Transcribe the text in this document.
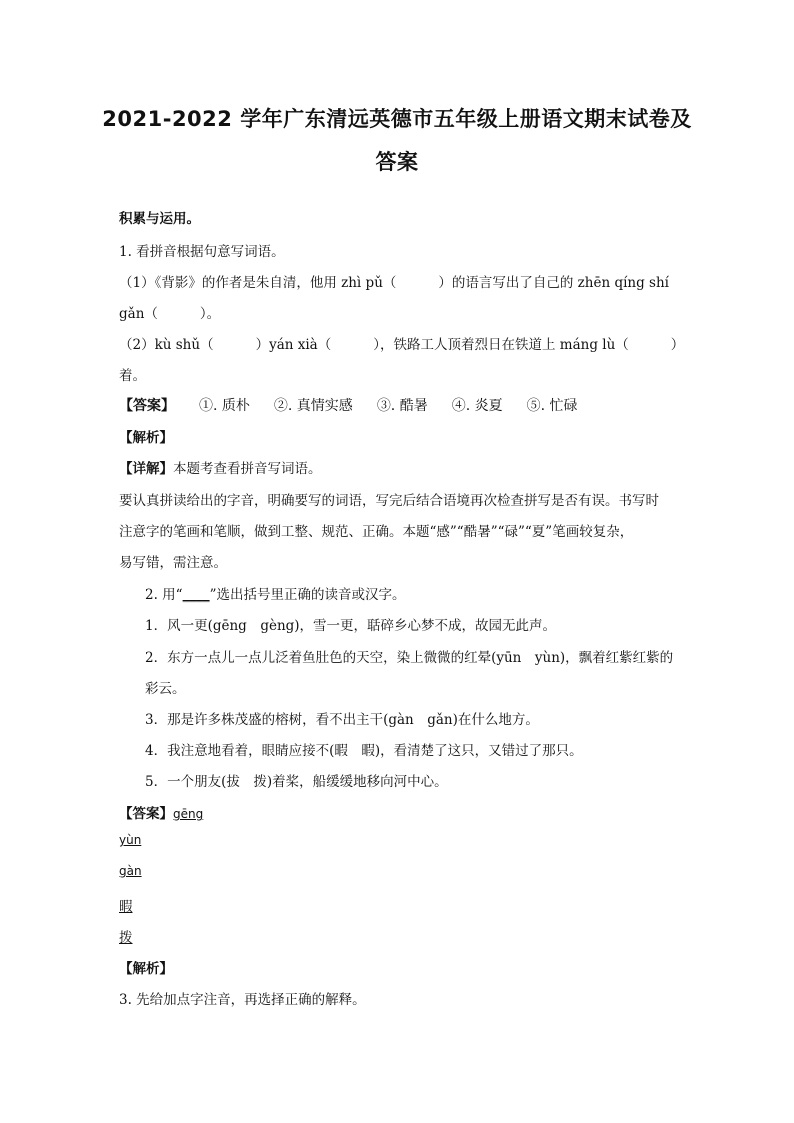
2021-2022 学年广东清远英德市五年级上册语文期末试卷及
答案
积累与运用。
1. 看拼音根据句意写词语。
（1）《背影》的作者是朱自清，他用 zhì pǔ（	）的语言写出了自己的 zhēn qíng shí
gǎn（	）。
（2）kù shǔ（	）yán xià（	），铁路工人顶着烈日在铁道上 máng lù（	）
着。
【答案】 ①. 质朴 ②. 真情实感 ③. 酷暑 ④. 炎夏 ⑤. 忙碌
【解析】
【详解】本题考查看拼音写词语。
要认真拼读给出的字音，明确要写的词语，写完后结合语境再次检查拼写是否有误。书写时
注意字的笔画和笔顺，做到工整、规范、正确。本题“感”“酷暑”“碌”“夏”笔画较复杂，
易写错，需注意。
2. 用“____”选出括号里正确的读音或汉字。
1．风一更(gēng　gèng)，雪一更，聒碎乡心梦不成，故园无此声。
2．东方一点儿一点儿泛着鱼肚色的天空，染上微微的红晕(yūn　yùn)，飘着红紫红紫的
彩云。
3．那是许多株茂盛的榕树，看不出主干(gàn　gǎn)在什么地方。
4．我注意地看着，眼睛应接不(暇　暇)，看清楚了这只，又错过了那只。
5．一个朋友(拔　拨)着桨，船缓缓地移向河中心。
【答案】gēng
yùn
gàn
暇
拨
【解析】
3. 先给加点字注音，再选择正确的解释。
